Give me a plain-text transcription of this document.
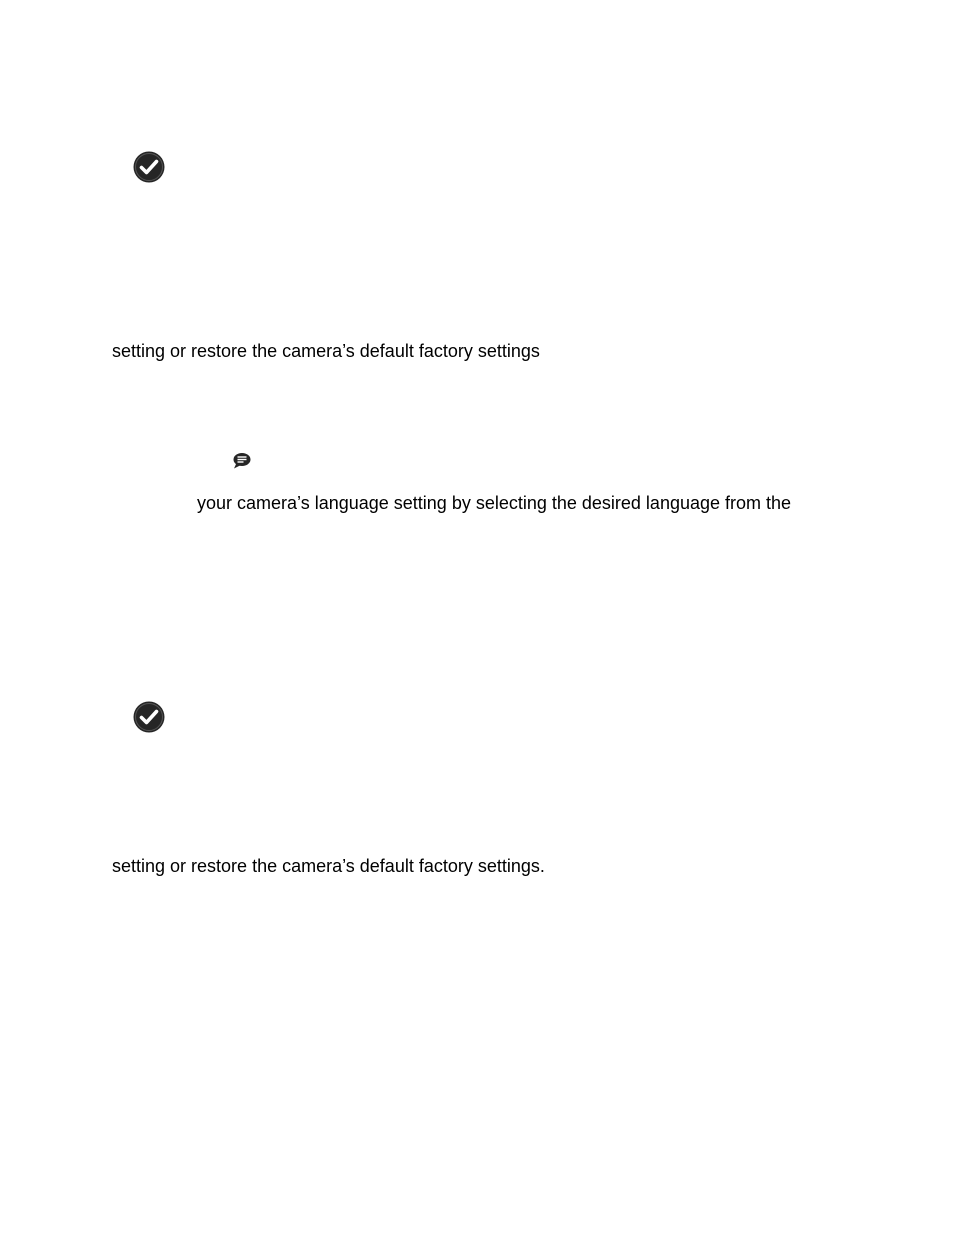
setting or restore the camera’s default factory settings
your camera’s language setting by selecting the desired language from the
setting or restore the camera’s default factory settings.
